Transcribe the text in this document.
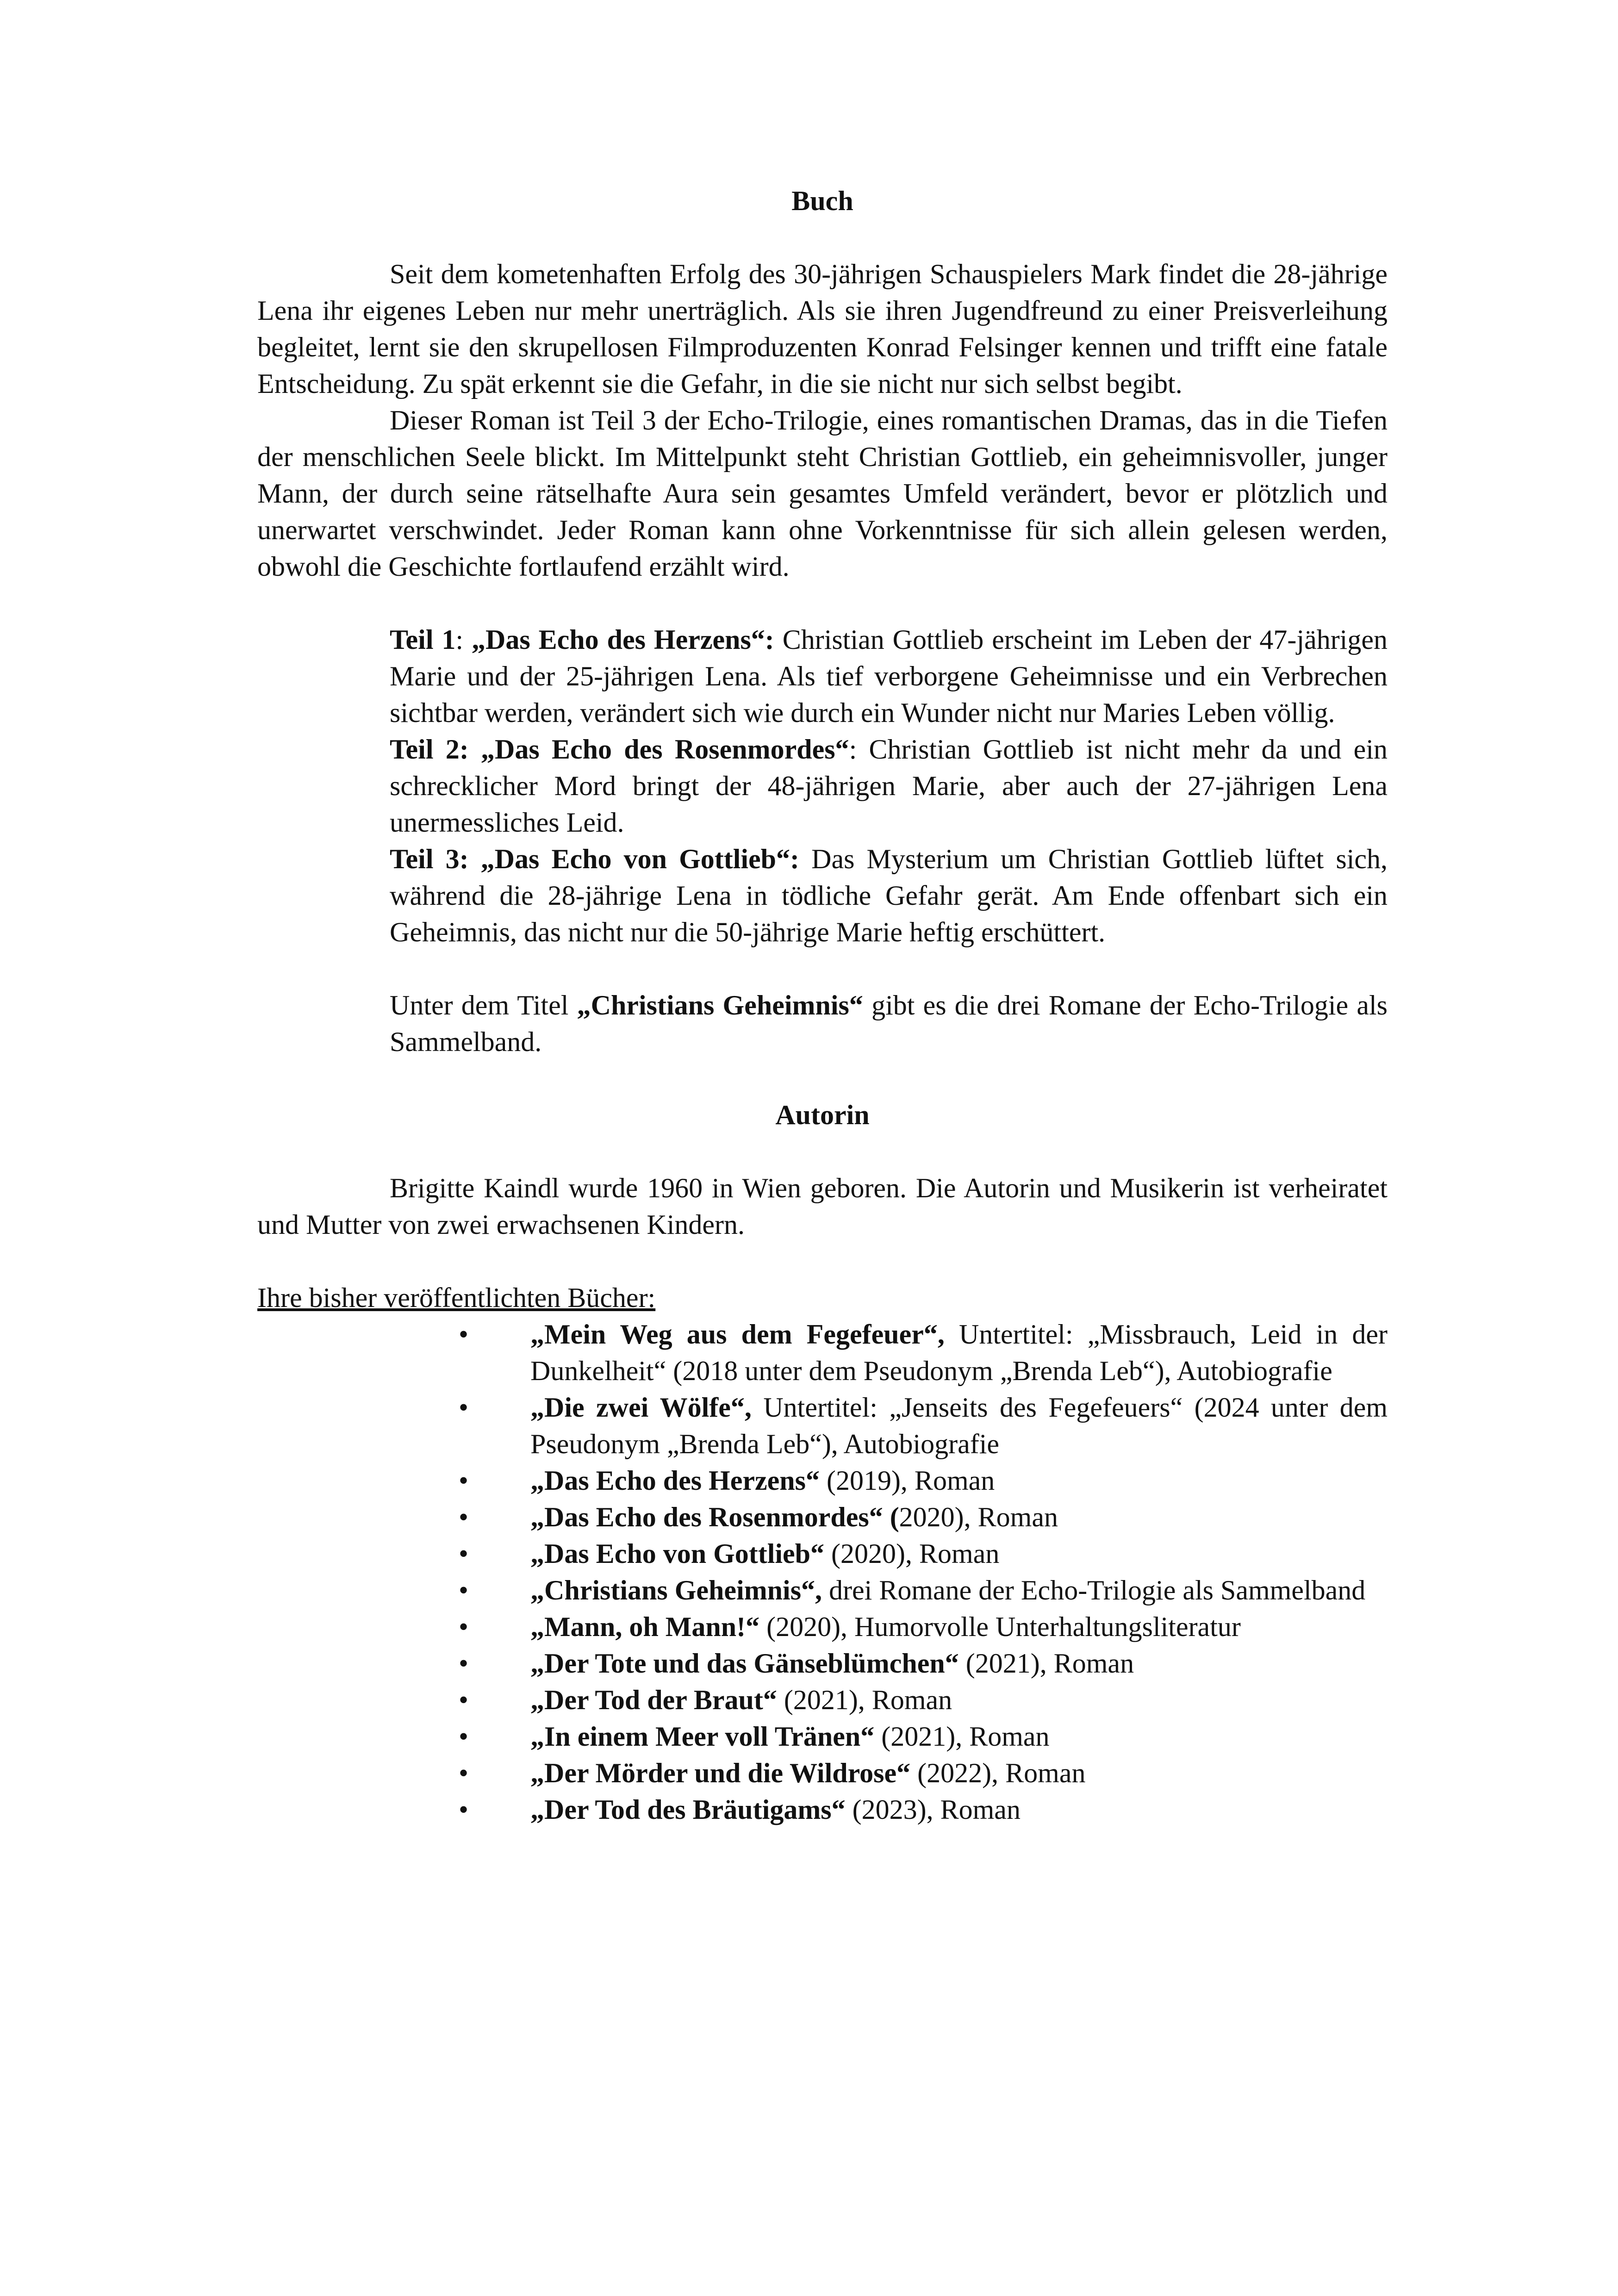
Buch

Seit dem kometenhaften Erfolg des 30-jährigen Schauspielers Mark findet die 28-jährige Lena ihr eigenes Leben nur mehr unerträglich. Als sie ihren Jugendfreund zu einer Preisverleihung begleitet, lernt sie den skrupellosen Filmproduzenten Konrad Felsinger kennen und trifft eine fatale Entscheidung. Zu spät erkennt sie die Gefahr, in die sie nicht nur sich selbst begibt.

Dieser Roman ist Teil 3 der Echo-Trilogie, eines romantischen Dramas, das in die Tiefen der menschlichen Seele blickt. Im Mittelpunkt steht Christian Gottlieb, ein geheimnisvoller, junger Mann, der durch seine rätselhafte Aura sein gesamtes Umfeld verändert, bevor er plötzlich und unerwartet verschwindet. Jeder Roman kann ohne Vorkenntnisse für sich allein gelesen werden, obwohl die Geschichte fortlaufend erzählt wird.

Teil 1: „Das Echo des Herzens“: Christian Gottlieb erscheint im Leben der 47-jährigen Marie und der 25-jährigen Lena. Als tief verborgene Geheimnisse und ein Verbrechen sichtbar werden, verändert sich wie durch ein Wunder nicht nur Maries Leben völlig.

Teil 2: „Das Echo des Rosenmordes“: Christian Gottlieb ist nicht mehr da und ein schrecklicher Mord bringt der 48-jährigen Marie, aber auch der 27-jährigen Lena unermessliches Leid.

Teil 3: „Das Echo von Gottlieb“: Das Mysterium um Christian Gottlieb lüftet sich, während die 28-jährige Lena in tödliche Gefahr gerät. Am Ende offenbart sich ein Geheimnis, das nicht nur die 50-jährige Marie heftig erschüttert.

Unter dem Titel „Christians Geheimnis“ gibt es die drei Romane der Echo-Trilogie als Sammelband.

Autorin

Brigitte Kaindl wurde 1960 in Wien geboren. Die Autorin und Musikerin ist verheiratet und Mutter von zwei erwachsenen Kindern.

Ihre bisher veröffentlichten Bücher:

• „Mein Weg aus dem Fegefeuer“, Untertitel: „Missbrauch, Leid in der Dunkelheit“ (2018 unter dem Pseudonym „Brenda Leb“), Autobiografie
• „Die zwei Wölfe“, Untertitel: „Jenseits des Fegefeuers“ (2024 unter dem Pseudonym „Brenda Leb“), Autobiografie
• „Das Echo des Herzens“ (2019), Roman
• „Das Echo des Rosenmordes“ (2020), Roman
• „Das Echo von Gottlieb“ (2020), Roman
• „Christians Geheimnis“, drei Romane der Echo-Trilogie als Sammelband
• „Mann, oh Mann!“ (2020), Humorvolle Unterhaltungsliteratur
• „Der Tote und das Gänseblümchen“ (2021), Roman
• „Der Tod der Braut“ (2021), Roman
• „In einem Meer voll Tränen“ (2021), Roman
• „Der Mörder und die Wildrose“ (2022), Roman
• „Der Tod des Bräutigams“ (2023), Roman
